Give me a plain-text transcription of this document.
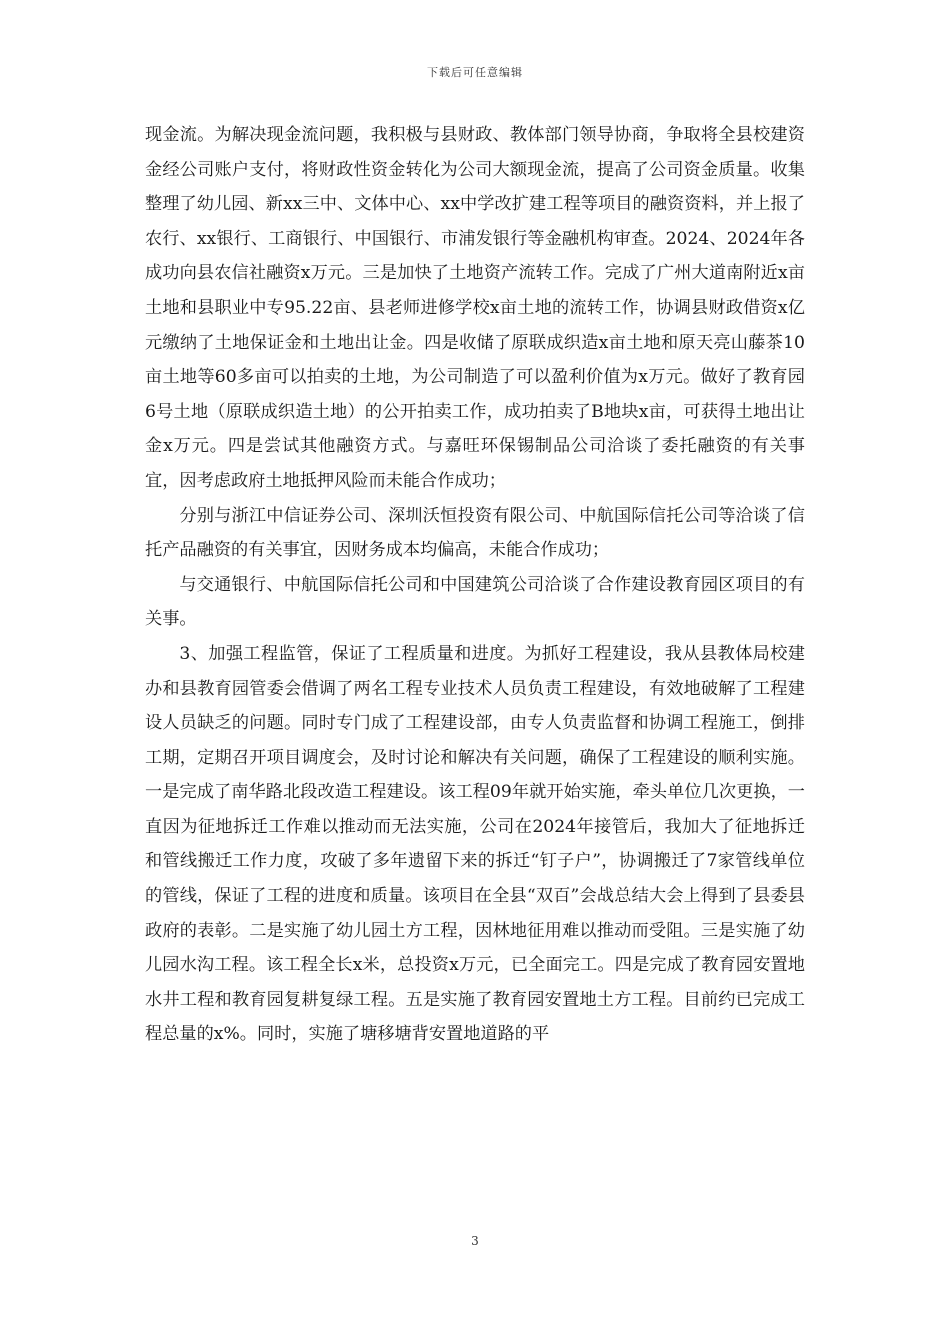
下载后可任意编辑

现金流。为解决现金流问题，我积极与县财政、教体部门领导协商，争取将全县校建资金经公司账户支付，将财政性资金转化为公司大额现金流，提高了公司资金质量。收集整理了幼儿园、新xx三中、文体中心、xx中学改扩建工程等项目的融资资料，并上报了农行、xx银行、工商银行、中国银行、市浦发银行等金融机构审查。2024、2024年各成功向县农信社融资x万元。三是加快了土地资产流转工作。完成了广州大道南附近x亩土地和县职业中专95.22亩、县老师进修学校x亩土地的流转工作，协调县财政借资x亿元缴纳了土地保证金和土地出让金。四是收储了原联成织造x亩土地和原天亮山藤茶10亩土地等60多亩可以拍卖的土地，为公司制造了可以盈利价值为x万元。做好了教育园6号土地（原联成织造土地）的公开拍卖工作，成功拍卖了B地块x亩，可获得土地出让金x万元。四是尝试其他融资方式。与嘉旺环保锡制品公司洽谈了委托融资的有关事宜，因考虑政府土地抵押风险而未能合作成功；

分别与浙江中信证券公司、深圳沃恒投资有限公司、中航国际信托公司等洽谈了信托产品融资的有关事宜，因财务成本均偏高，未能合作成功；

与交通银行、中航国际信托公司和中国建筑公司洽谈了合作建设教育园区项目的有关事。

3、加强工程监管，保证了工程质量和进度。为抓好工程建设，我从县教体局校建办和县教育园管委会借调了两名工程专业技术人员负责工程建设，有效地破解了工程建设人员缺乏的问题。同时专门成了工程建设部，由专人负责监督和协调工程施工，倒排工期，定期召开项目调度会，及时讨论和解决有关问题，确保了工程建设的顺利实施。一是完成了南华路北段改造工程建设。该工程09年就开始实施，牵头单位几次更换，一直因为征地拆迁工作难以推动而无法实施，公司在2024年接管后，我加大了征地拆迁和管线搬迁工作力度，攻破了多年遗留下来的拆迁“钉子户”，协调搬迁了7家管线单位的管线，保证了工程的进度和质量。该项目在全县“双百”会战总结大会上得到了县委县政府的表彰。二是实施了幼儿园土方工程，因林地征用难以推动而受阻。三是实施了幼儿园水沟工程。该工程全长x米，总投资x万元，已全面完工。四是完成了教育园安置地水井工程和教育园复耕复绿工程。五是实施了教育园安置地土方工程。目前约已完成工程总量的x%。同时，实施了塘移塘背安置地道路的平

3
